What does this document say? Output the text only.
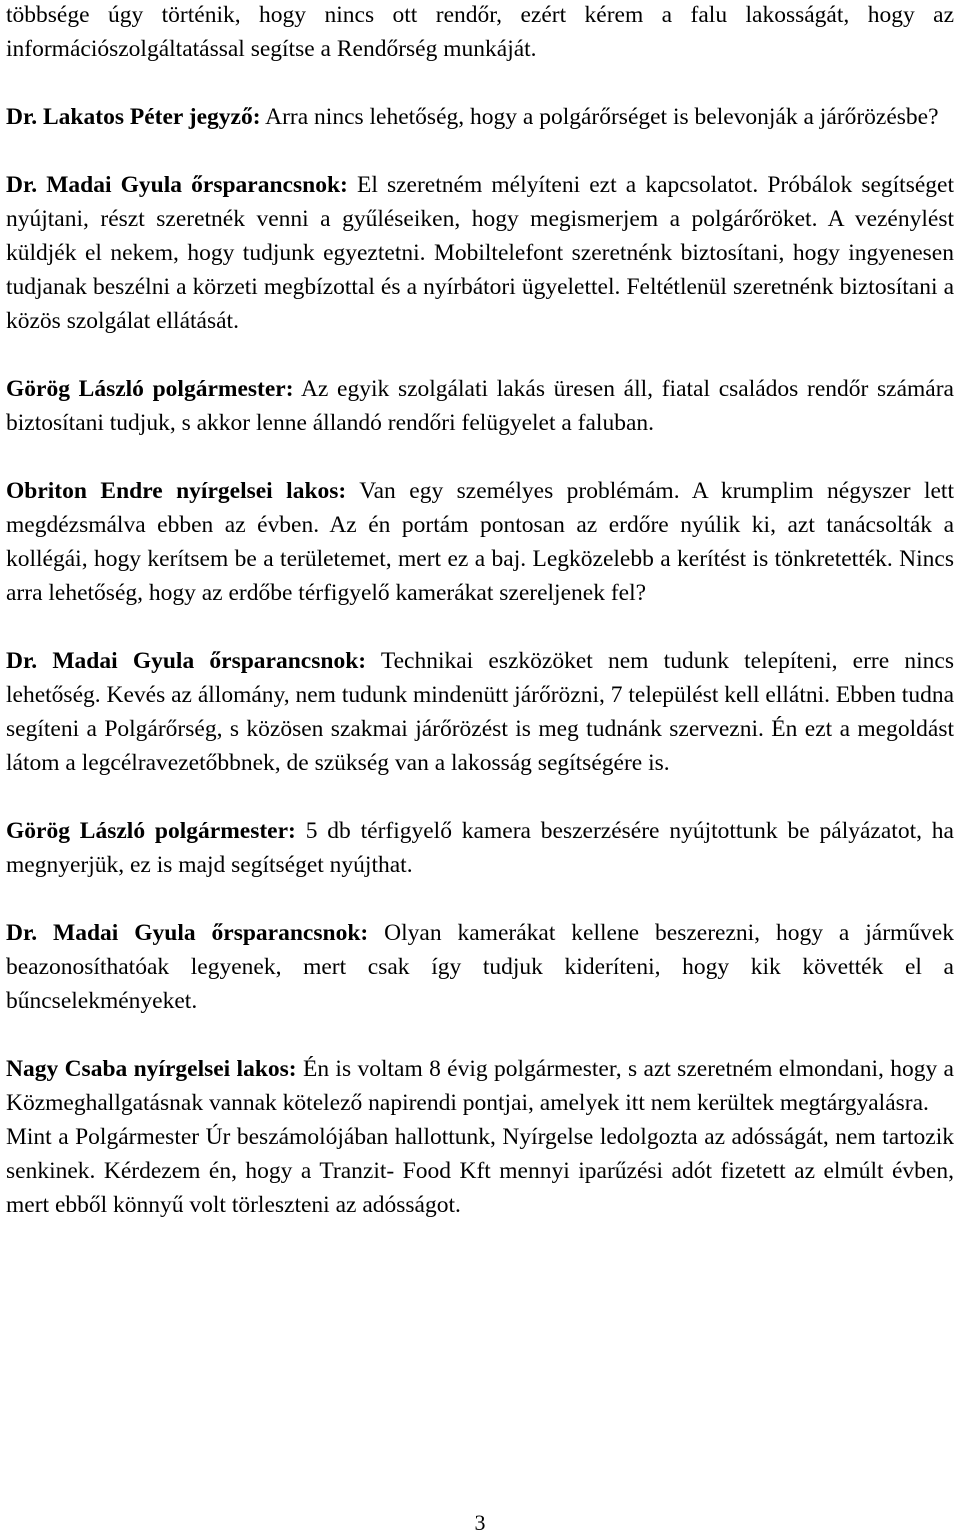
többsége úgy történik, hogy nincs ott rendőr, ezért kérem a falu lakosságát, hogy az információszolgáltatással segítse a Rendőrség munkáját.

Dr. Lakatos Péter jegyző: Arra nincs lehetőség, hogy a polgárőrséget is belevonják a járőrözésbe?

Dr. Madai Gyula őrsparancsnok: El szeretném mélyíteni ezt a kapcsolatot. Próbálok segítséget nyújtani, részt szeretnék venni a gyűléseiken, hogy megismerjem a polgárőröket. A vezénylést küldjék el nekem, hogy tudjunk egyeztetni. Mobiltelefont szeretnénk biztosítani, hogy ingyenesen tudjanak beszélni a körzeti megbízottal és a nyírbátori ügyelettel. Feltétlenül szeretnénk biztosítani a közös szolgálat ellátását.

Görög László polgármester: Az egyik szolgálati lakás üresen áll, fiatal családos rendőr számára biztosítani tudjuk, s akkor lenne állandó rendőri felügyelet a faluban.

Obriton Endre nyírgelsei lakos: Van egy személyes problémám. A krumplim négyszer lett megdézsmálva ebben az évben. Az én portám pontosan az erdőre nyúlik ki, azt tanácsolták a kollégái, hogy kerítsem be a területemet, mert ez a baj. Legközelebb a kerítést is tönkretették. Nincs arra lehetőség, hogy az erdőbe térfigyelő kamerákat szereljenek fel?

Dr. Madai Gyula őrsparancsnok: Technikai eszközöket nem tudunk telepíteni, erre nincs lehetőség. Kevés az állomány, nem tudunk mindenütt járőrözni, 7 települést kell ellátni. Ebben tudna segíteni a Polgárőrség, s közösen szakmai járőrözést is meg tudnánk szervezni. Én ezt a megoldást látom a legcélravezetőbbnek, de szükség van a lakosság segítségére is.

Görög László polgármester: 5 db térfigyelő kamera beszerzésére nyújtottunk be pályázatot, ha megnyerjük, ez is majd segítséget nyújthat.

Dr. Madai Gyula őrsparancsnok: Olyan kamerákat kellene beszerezni, hogy a járművek beazonosíthatóak legyenek, mert csak így tudjuk kideríteni, hogy kik követték el a bűncselekményeket.

Nagy Csaba nyírgelsei lakos: Én is voltam 8 évig polgármester, s azt szeretném elmondani, hogy a Közmeghallgatásnak vannak kötelező napirendi pontjai, amelyek itt nem kerültek megtárgyalásra.

Mint a Polgármester Úr beszámolójában hallottunk, Nyírgelse ledolgozta az adósságát, nem tartozik senkinek. Kérdezem én, hogy a Tranzit- Food Kft mennyi iparűzési adót fizetett az elmúlt évben, mert ebből könnyű volt törleszteni az adósságot.

3
